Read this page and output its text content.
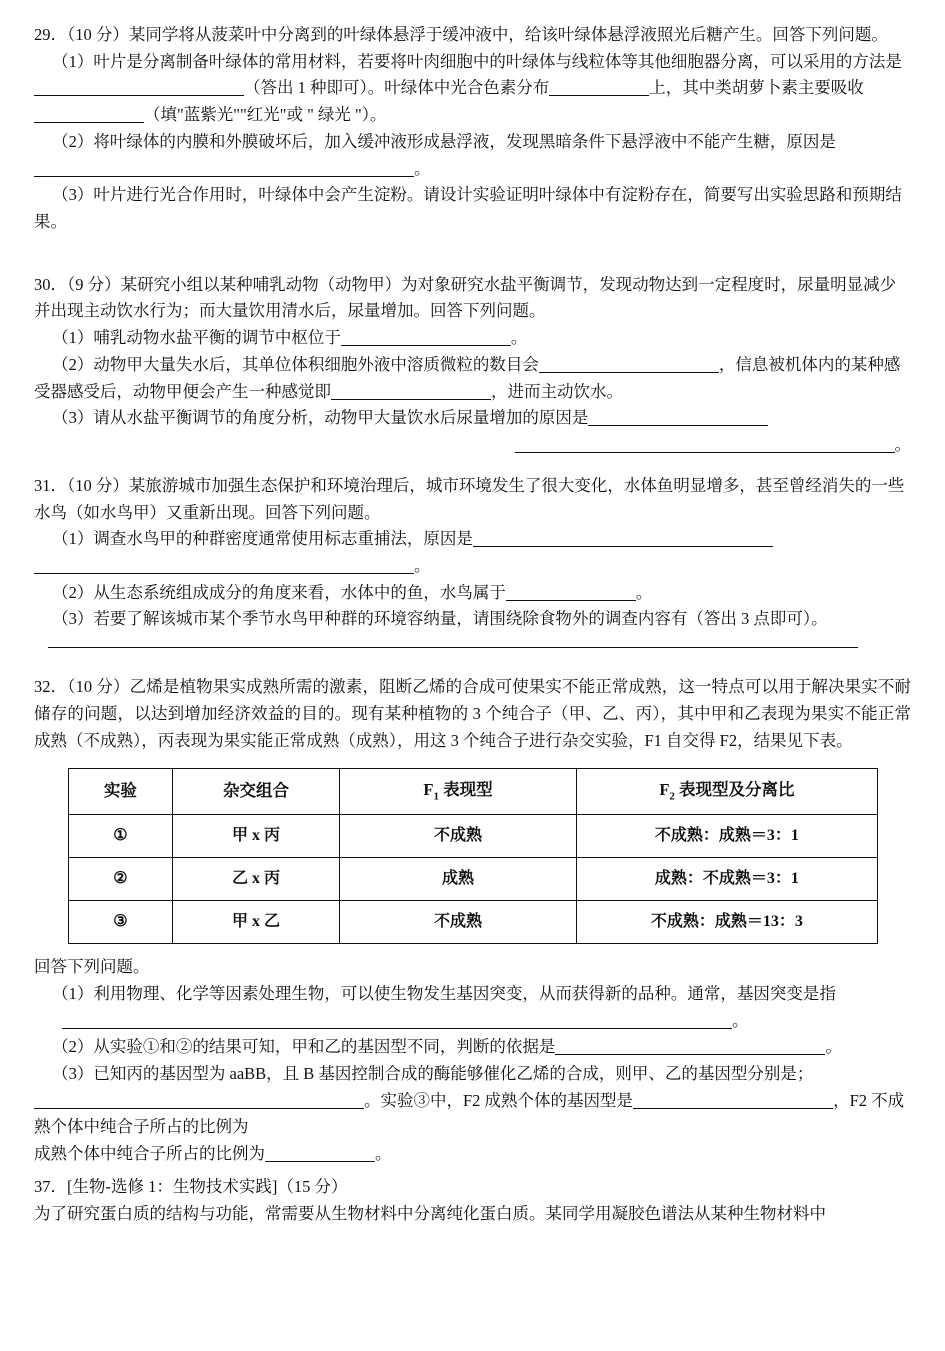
29．（10 分）某同学将从菠菜叶中分离到的叶绿体悬浮于缓冲液中，给该叶绿体悬浮液照光后糖产生。回答下列问题。
（1）叶片是分离制备叶绿体的常用材料，若要将叶肉细胞中的叶绿体与线粒体等其他细胞器分离，可以采用的方法是（答出 1 种即可）。叶绿体中光合色素分布	上，其中类胡萝卜素主要吸收（填"蓝紫光""红光"或 " 绿光 "）。
（2）将叶绿体的内膜和外膜破坏后，加入缓冲液形成悬浮液，发现黑暗条件下悬浮液中不能产生糖，原因是。
（3）叶片进行光合作用时，叶绿体中会产生淀粉。请设计实验证明叶绿体中有淀粉存在，简要写出实验思路和预期结果。
30．（9 分）某研究小组以某种哺乳动物（动物甲）为对象研究水盐平衡调节，发现动物达到一定程度时，尿量明显减少并出现主动饮水行为；而大量饮用清水后，尿量增加。回答下列问题。
（1）哺乳动物水盐平衡的调节中枢位于	。
（2）动物甲大量失水后，其单位体积细胞外液中溶质微粒的数目会	，信息被机体内的某种感受器感受后，动物甲便会产生一种感觉即	，进而主动饮水。
（3）请从水盐平衡调节的角度分析，动物甲大量饮水后尿量增加的原因是
。
31．（10 分）某旅游城市加强生态保护和环境治理后，城市环境发生了很大变化，水体鱼明显增多，甚至曾经消失的一些水鸟（如水鸟甲）又重新出现。回答下列问题。
（1）调查水鸟甲的种群密度通常使用标志重捕法，原因是
。
（2）从生态系统组成成分的角度来看，水体中的鱼，水鸟属于	。
（3）若要了解该城市某个季节水鸟甲种群的环境容纳量，请围绕除食物外的调查内容有（答出 3 点即可）。
32．（10 分）乙烯是植物果实成熟所需的激素，阻断乙烯的合成可使果实不能正常成熟，这一特点可以用于解决果实不耐储存的问题，以达到增加经济效益的目的。现有某种植物的 3 个纯合子（甲、乙、丙），其中甲和乙表现为果实不能正常成熟（不成熟），丙表现为果实能正常成熟（成熟），用这 3 个纯合子进行杂交实验，F1 自交得 F2，结果见下表。
实验	杂交组合	$F_1$ 表现型	$F_2$ 表现型及分离比
①	甲 x 丙	不成熟	不成熟：成熟＝3：1
②	乙 x 丙	成熟	成熟：不成熟＝3：1
③	甲 x 乙	不成熟	不成熟：成熟＝13：3
回答下列问题。
（1）利用物理、化学等因素处理生物，可以使生物发生基因突变，从而获得新的品种。通常，基因突变是指
。
（2）从实验①和②的结果可知，甲和乙的基因型不同，判断的依据是	。
（3）已知丙的基因型为 aaBB，且 B 基因控制合成的酶能够催化乙烯的合成，则甲、乙的基因型分别是；
。实验③中，F2 成熟个体的基因型是	，F2 不成熟个体中纯合子所占的比例为
成熟个体中纯合子所占的比例为	。
37．[生物-选修 1：生物技术实践]（15 分）
为了研究蛋白质的结构与功能，常需要从生物材料中分离纯化蛋白质。某同学用凝胶色谱法从某种生物材料中
